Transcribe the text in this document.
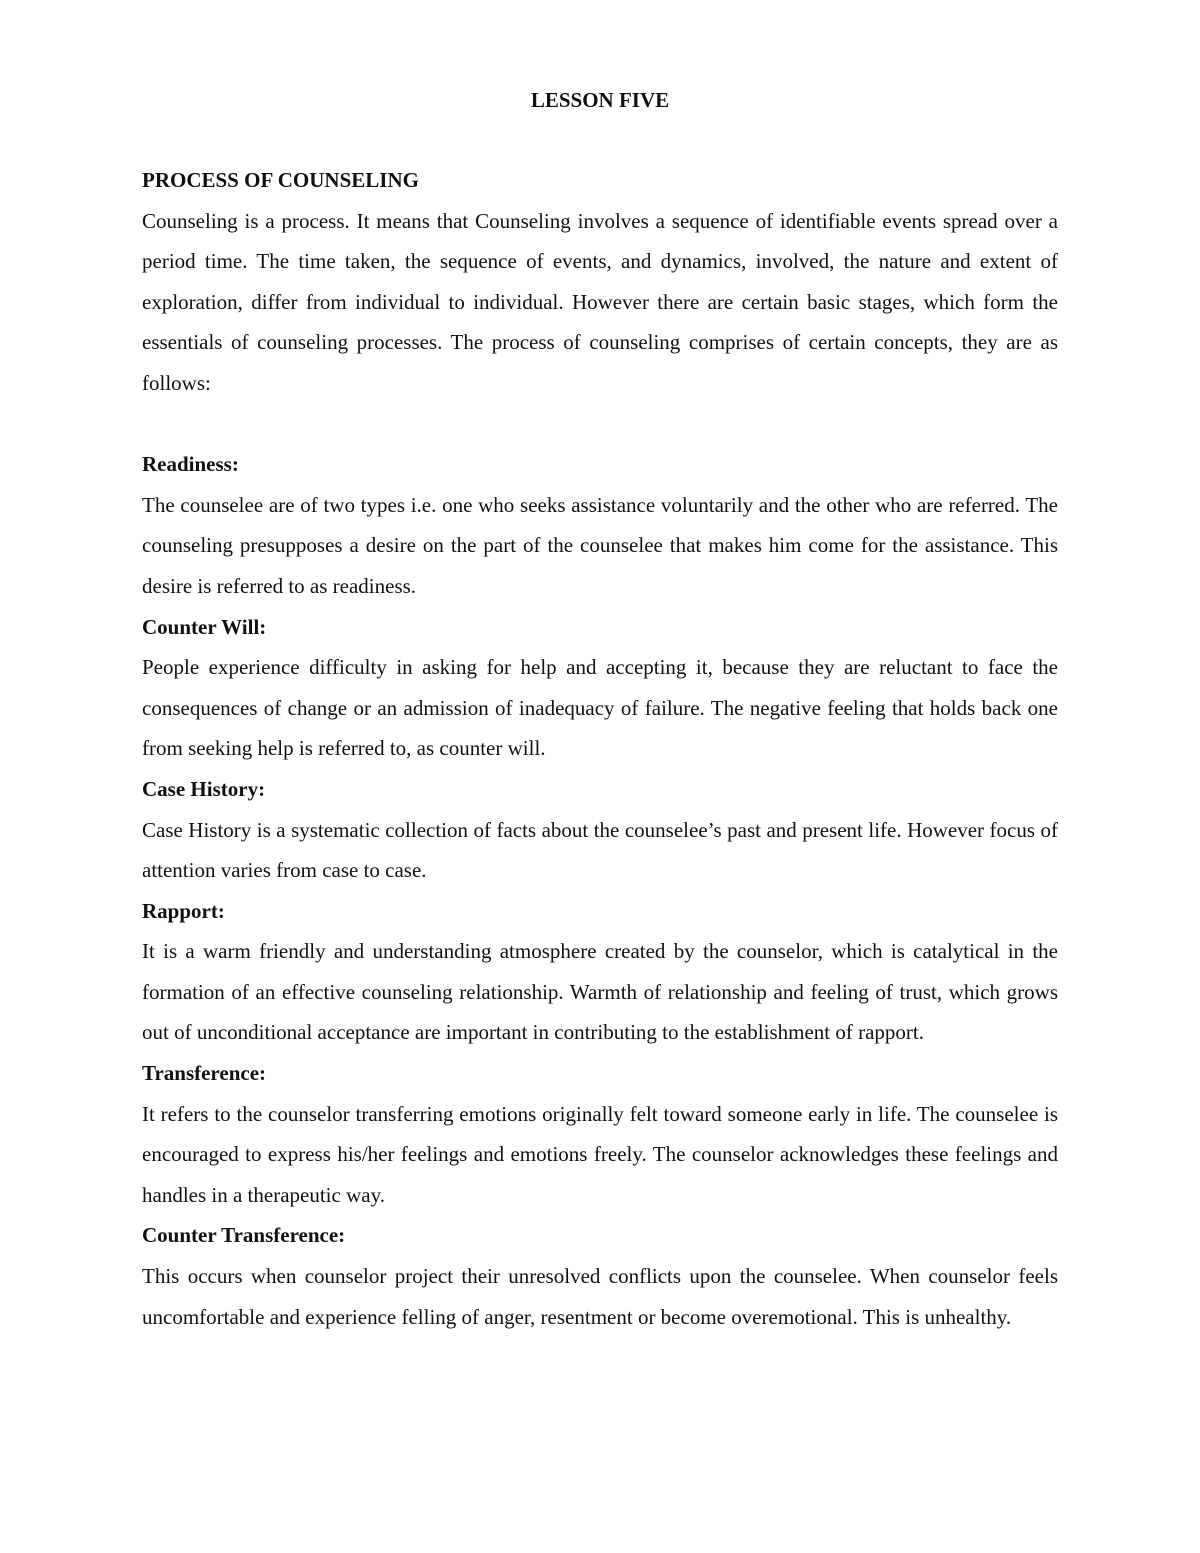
LESSON FIVE
PROCESS OF COUNSELING

Counseling is a process. It means that Counseling involves a sequence of identifiable events spread over a period time. The time taken, the sequence of events, and dynamics, involved, the nature and extent of exploration, differ from individual to individual. However there are certain basic stages, which form the essentials of counseling processes. The process of counseling comprises of certain concepts, they are as follows:

Readiness:

The counselee are of two types i.e. one who seeks assistance voluntarily and the other who are referred. The counseling presupposes a desire on the part of the counselee that makes him come for the assistance. This desire is referred to as readiness.

Counter Will:

People experience difficulty in asking for help and accepting it, because they are reluctant to face the consequences of change or an admission of inadequacy of failure. The negative feeling that holds back one from seeking help is referred to, as counter will.

Case History:

Case History is a systematic collection of facts about the counselee’s past and present life. However focus of attention varies from case to case.

Rapport:

It is a warm friendly and understanding atmosphere created by the counselor, which is catalytical in the formation of an effective counseling relationship. Warmth of relationship and feeling of trust, which grows out of unconditional acceptance are important in contributing to the establishment of rapport.

Transference:

It refers to the counselor transferring emotions originally felt toward someone early in life. The counselee is encouraged to express his/her feelings and emotions freely. The counselor acknowledges these feelings and handles in a therapeutic way.

Counter Transference:

This occurs when counselor project their unresolved conflicts upon the counselee. When counselor feels uncomfortable and experience felling of anger, resentment or become overemotional. This is unhealthy.
